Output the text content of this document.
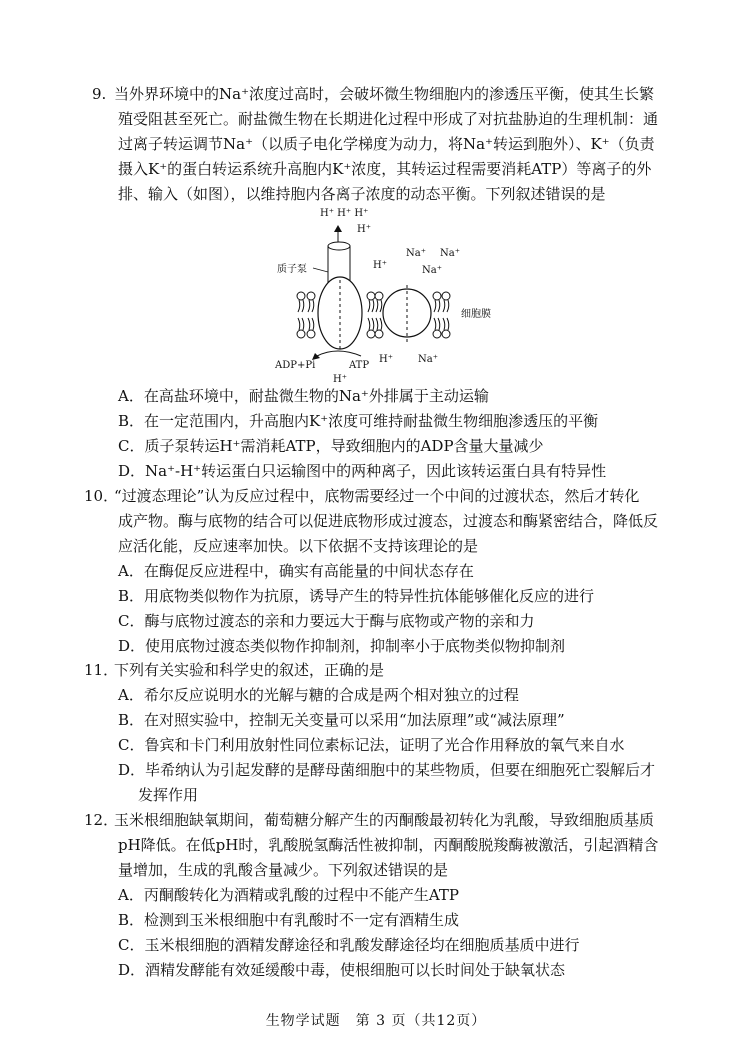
9. 当外界环境中的Na⁺浓度过高时，会破坏微生物细胞内的渗透压平衡，使其生长繁
殖受阻甚至死亡。耐盐微生物在长期进化过程中形成了对抗盐胁迫的生理机制：通
过离子转运调节Na⁺（以质子电化学梯度为动力，将Na⁺转运到胞外）、K⁺（负责
摄入K⁺的蛋白转运系统升高胞内K⁺浓度，其转运过程需要消耗ATP）等离子的外
排、输入（如图），以维持胞内各离子浓度的动态平衡。下列叙述错误的是
H⁺ H⁺ H⁺
H⁺
质子泵	H⁺
Na⁺ Na⁺
Na⁺
细胞膜
ADP+Pi	ATP
H⁺
H⁺	Na⁺
A．在高盐环境中，耐盐微生物的Na⁺外排属于主动运输
B．在一定范围内，升高胞内K⁺浓度可维持耐盐微生物细胞渗透压的平衡
C．质子泵转运H⁺需消耗ATP，导致细胞内的ADP含量大量减少
D．Na⁺-H⁺转运蛋白只运输图中的两种离子，因此该转运蛋白具有特异性
10．
“过渡态理论”认为反应过程中，底物需要经过一个中间的过渡状态，然后才转化
成产物。酶与底物的结合可以促进底物形成过渡态，过渡态和酶紧密结合，降低反
应活化能，反应速率加快。以下依据不支持该理论的是
A．在酶促反应进程中，确实有高能量的中间状态存在
B．用底物类似物作为抗原，诱导产生的特异性抗体能够催化反应的进行
C．酶与底物过渡态的亲和力要远大于酶与底物或产物的亲和力
D．使用底物过渡态类似物作抑制剂，抑制率小于底物类似物抑制剂
11．
下列有关实验和科学史的叙述，正确的是
A．希尔反应说明水的光解与糖的合成是两个相对独立的过程
B．在对照实验中，控制无关变量可以采用“加法原理”或“减法原理”
C．鲁宾和卡门利用放射性同位素标记法，证明了光合作用释放的氧气来自水
D．毕希纳认为引起发酵的是酵母菌细胞中的某些物质，但要在细胞死亡裂解后才
发挥作用
12．
玉米根细胞缺氧期间，葡萄糖分解产生的丙酮酸最初转化为乳酸，导致细胞质基质
pH降低。在低pH时，乳酸脱氢酶活性被抑制，丙酮酸脱羧酶被激活，引起酒精含
量增加，生成的乳酸含量减少。下列叙述错误的是
A．丙酮酸转化为酒精或乳酸的过程中不能产生ATP
B．检测到玉米根细胞中有乳酸时不一定有酒精生成
C．玉米根细胞的酒精发酵途径和乳酸发酵途径均在细胞质基质中进行
D．酒精发酵能有效延缓酸中毒，使根细胞可以长时间处于缺氧状态
生物学试题　第 3 页（共12页）
